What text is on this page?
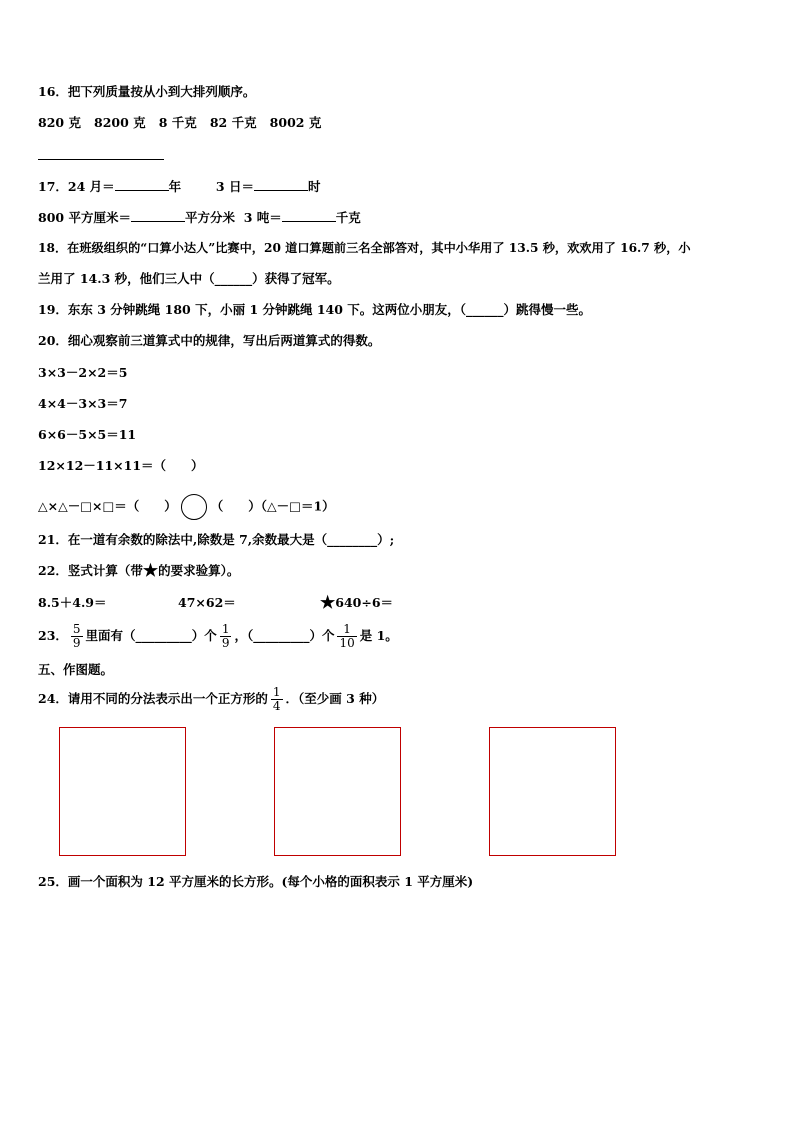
16．把下列质量按从小到大排列顺序。
820 克 8200 克 8 千克 82 千克 8002 克
17．24 月＝	年	3 日＝	时
800 平方厘米＝	平方分米 3 吨＝	千克
18．在班级组织的“口算小达人”比赛中，20 道口算题前三名全部答对，其中小华用了 13.5 秒，欢欢用了 16.7 秒，小
兰用了 14.3 秒，他们三人中（______）获得了冠军。
19．东东 3 分钟跳绳 180 下，小丽 1 分钟跳绳 140 下。这两位小朋友，（______）跳得慢一些。
20．细心观察前三道算式中的规律，写出后两道算式的得数。
3×3－2×2＝5
4×4－3×3＝7
6×6－5×5＝11
12×12－11×11＝（　　）
△×△－□×□＝（　　）	（　　）（△－□＝1）
21．在一道有余数的除法中,除数是 7,余数最大是（________）;
22．竖式计算（带★的要求验算）。
8.5＋4.9＝	47×62＝	★640÷6＝
23． $\frac{5}{9}$ 里面有（_________）个 $\frac{1}{9}$ ，（_________）个 $\frac{1}{10}$ 是 1。
五、作图题。
24．请用不同的分法表示出一个正方形的 $\frac{1}{4}$ ．（至少画 3 种）
25．画一个面积为 12 平方厘米的长方形。(每个小格的面积表示 1 平方厘米)
